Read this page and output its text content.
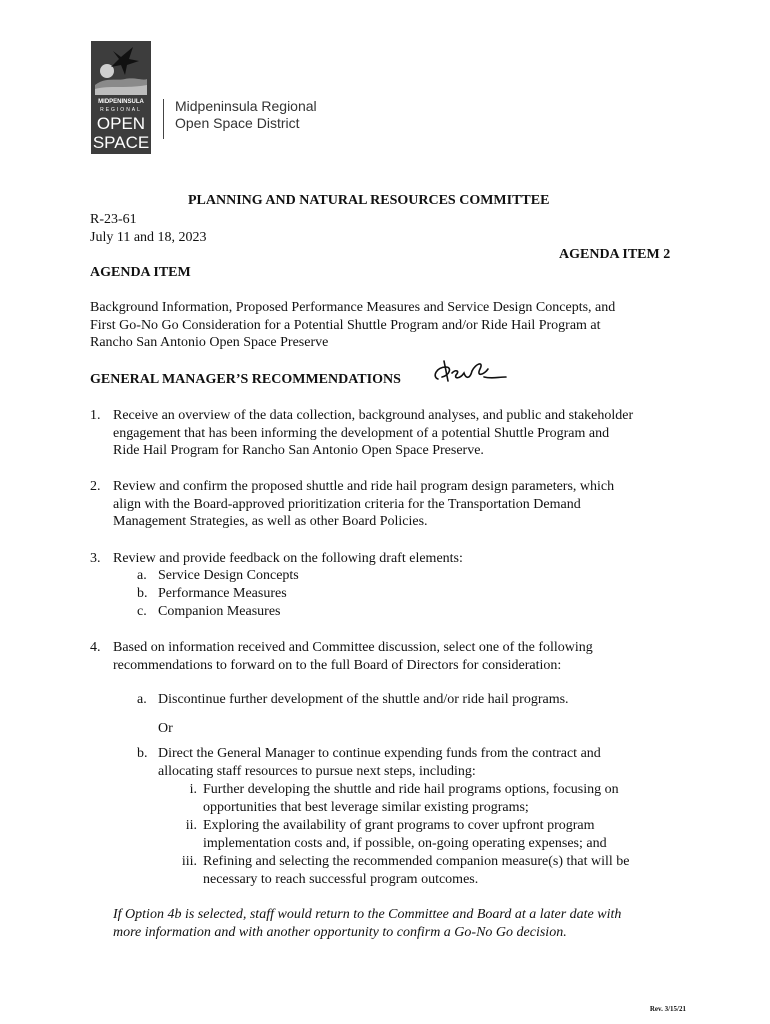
MIDPENINSULA
REGIONAL
OPEN
SPACE
Midpeninsula Regional
Open Space District
PLANNING AND NATURAL RESOURCES COMMITTEE
R-23-61
July 11 and 18, 2023
AGENDA ITEM 2
AGENDA ITEM
Background Information, Proposed Performance Measures and Service Design Concepts, and
First Go-No Go Consideration for a Potential Shuttle Program and/or Ride Hail Program at
Rancho San Antonio Open Space Preserve
GENERAL MANAGER’S RECOMMENDATIONS
1. Receive an overview of the data collection, background analyses, and public and stakeholder
engagement that has been informing the development of a potential Shuttle Program and
Ride Hail Program for Rancho San Antonio Open Space Preserve.
2. Review and confirm the proposed shuttle and ride hail program design parameters, which
align with the Board-approved prioritization criteria for the Transportation Demand
Management Strategies, as well as other Board Policies.
3. Review and provide feedback on the following draft elements:
a. Service Design Concepts
b. Performance Measures
c. Companion Measures
4. Based on information received and Committee discussion, select one of the following
recommendations to forward on to the full Board of Directors for consideration:
a. Discontinue further development of the shuttle and/or ride hail programs.
Or
b. Direct the General Manager to continue expending funds from the contract and
allocating staff resources to pursue next steps, including:
i. Further developing the shuttle and ride hail programs options, focusing on
opportunities that best leverage similar existing programs;
ii. Exploring the availability of grant programs to cover upfront program
implementation costs and, if possible, on-going operating expenses; and
iii. Refining and selecting the recommended companion measure(s) that will be
necessary to reach successful program outcomes.
If Option 4b is selected, staff would return to the Committee and Board at a later date with
more information and with another opportunity to confirm a Go-No Go decision.
Rev. 3/15/21
